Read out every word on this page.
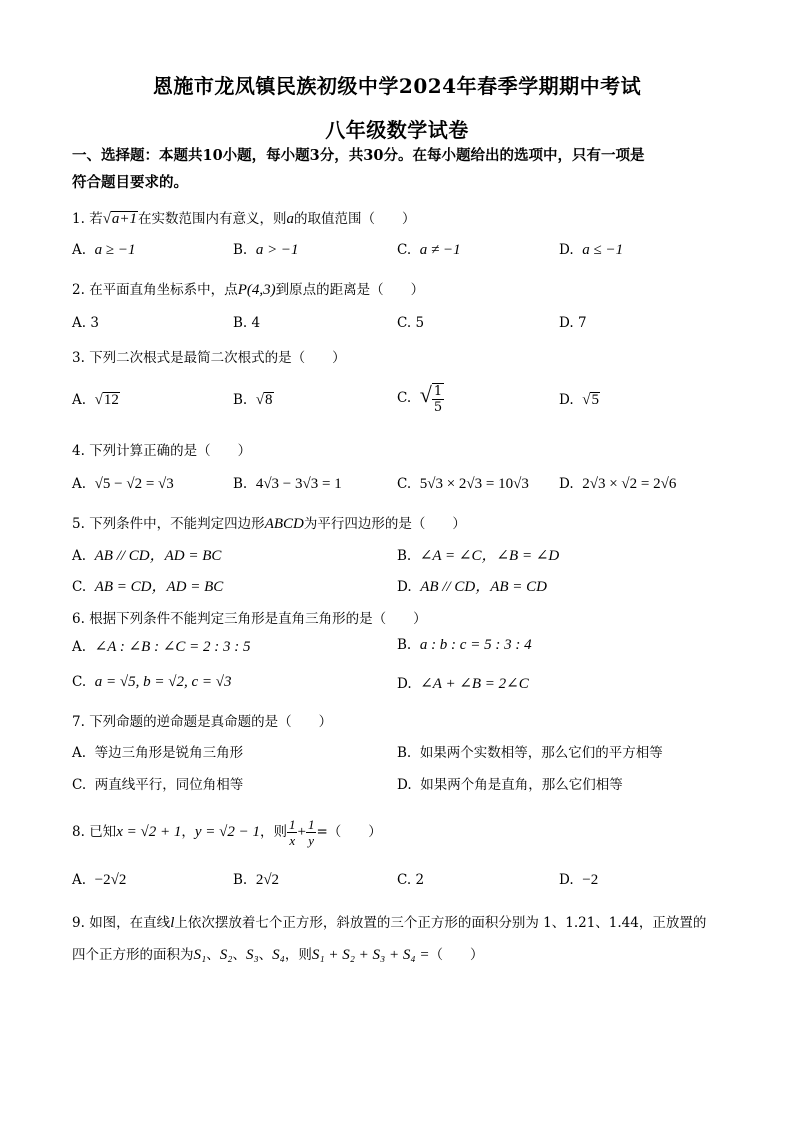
恩施市龙凤镇民族初级中学2024年春季学期期中考试
八年级数学试卷
一、选择题：本题共10小题，每小题3分，共30分。在每小题给出的选项中，只有一项是
符合题目要求的。
1. 若√a+1在实数范围内有意义，则a的取值范围（　　）
A. a ≥ −1	B. a > −1	C. a ≠ −1	D. a ≤ −1
2. 在平面直角坐标系中，点P(4,3)到原点的距离是（　　）
A. 3	B. 4	C. 5	D. 7
3. 下列二次根式是最简二次根式的是（　　）
A. √12	B. √8	C. √ $\frac{1}{5}$	D. √5
4. 下列计算正确的是（　　）
A. √5 − √2 = √3	B. 4√3 − 3√3 = 1	C. 5√3 × 2√3 = 10√3 D. 2√3 × √2 = 2√6
5. 下列条件中，不能判定四边形ABCD为平行四边形的是（　　）
A. AB // CD，AD = BC	B. ∠A = ∠C，∠B = ∠D
C. AB = CD，AD = BC	D. AB // CD，AB = CD
6. 根据下列条件不能判定三角形是直角三角形的是（　　）
A. ∠A : ∠B : ∠C = 2 : 3 : 5	B. a : b : c = 5 : 3 : 4
C. a = √5, b = √2, c = √3	D. ∠A + ∠B = 2∠C
7. 下列命题的逆命题是真命题的是（　　）
A. 等边三角形是锐角三角形	B. 如果两个实数相等，那么它们的平方相等
C. 两直线平行，同位角相等	D. 如果两个角是直角，那么它们相等
8. 已知x = √2 + 1，y = √2 − 1，则 $\frac{1}{x} + \frac{1}{y}$ =（　　）
A. −2√2	B. 2√2	C. 2	D. −2
9. 如图，在直线l上依次摆放着七个正方形，斜放置的三个正方形的面积分别为 1、1.21、1.44，正放置的
四个正方形的面积为S₁、S₂、S₃、S₄，则S₁ + S₂ + S₃ + S₄ =（　　）
